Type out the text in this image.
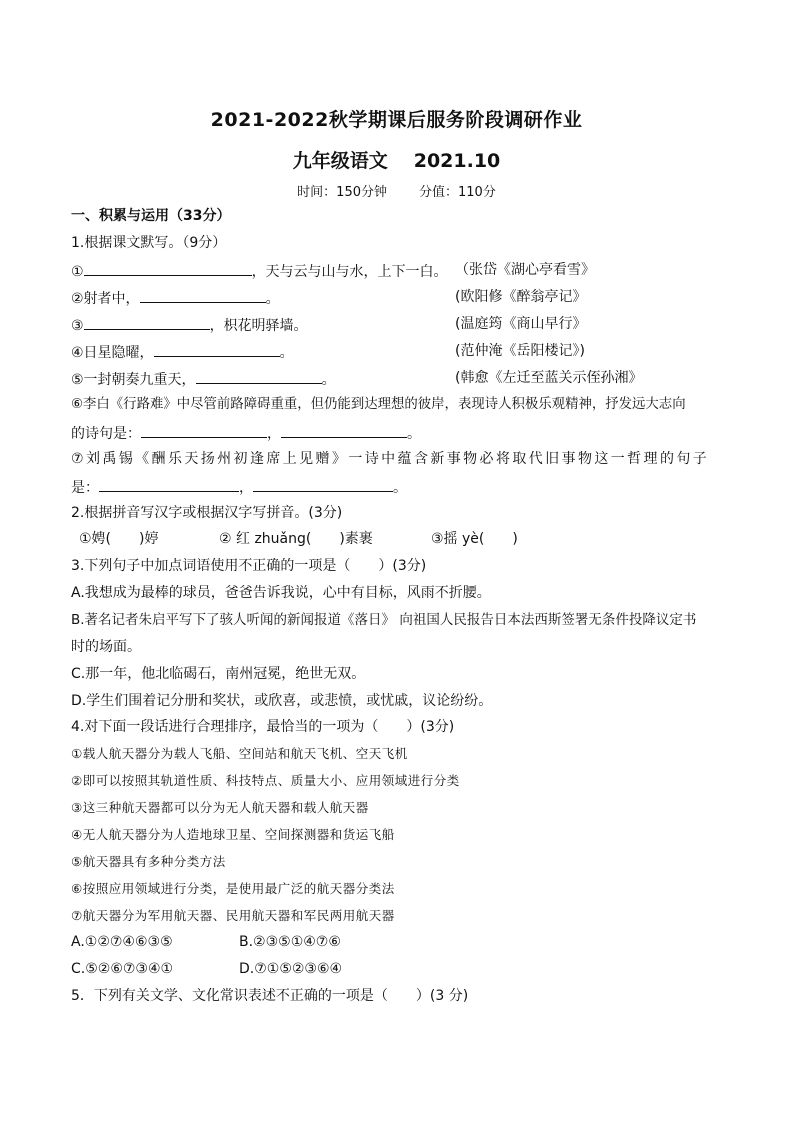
2021-2022秋学期课后服务阶段调研作业
九年级语文 2021.10
时间：150分钟 分值：110分
一、积累与运用（33分）
1.根据课文默写。（9分）
①	，天与云与山与水，上下一白。 （张岱《湖心亭看雪》
②射者中，	。	(欧阳修《醉翁亭记》
③	，枳花明驿墙。	(温庭筠《商山早行》
④日星隐曜，	。	(范仲淹《岳阳楼记》)
⑤一封朝奏九重天，	。	(韩愈《左迁至蓝关示侄孙湘》
⑥李白《行路难》中尽管前路障碍重重，但仍能到达理想的彼岸，表现诗人积极乐观精神，抒发远大志向
的诗句是：	，	。
⑦刘禹锡《酬乐天扬州初逢席上见赠》一诗中蕴含新事物必将取代旧事物这一哲理的句子
是：	，	。
2.根据拼音写汉字或根据汉字写拼音。(3分)
①娉(　　)婷	② 红 zhuǎng(　　)素裹	③摇 yè(　　)
3.下列句子中加点词语使用不正确的一项是（　　）(3分)
A.我想成为最棒的球员，爸爸告诉我说，心中有目标，风雨不折腰。
B.著名记者朱启平写下了骇人听闻的新闻报道《落日》 向祖国人民报告日本法西斯签署无条件投降议定书
时的场面。
C.那一年，他北临碣石，南州冠冕，绝世无双。
D.学生们围着记分册和奖状，或欣喜，或悲愤，或忧戚，议论纷纷。
4.对下面一段话进行合理排序，最恰当的一项为（　　）(3分)
①载人航天器分为载人飞船、空间站和航天飞机、空天飞机
②即可以按照其轨道性质、科技特点、质量大小、应用领域进行分类
③这三种航天器都可以分为无人航天器和载人航天器
④无人航天器分为人造地球卫星、空间探测器和货运飞船
⑤航天器具有多种分类方法
⑥按照应用领域进行分类，是使用最广泛的航天器分类法
⑦航天器分为军用航天器、民用航天器和军民两用航天器
A.①②⑦④⑥③⑤	B.②③⑤①④⑦⑥
C.⑤②⑥⑦③④①	D.⑦①⑤②③⑥④
5．下列有关文学、文化常识表述不正确的一项是（　　）(3 分)
